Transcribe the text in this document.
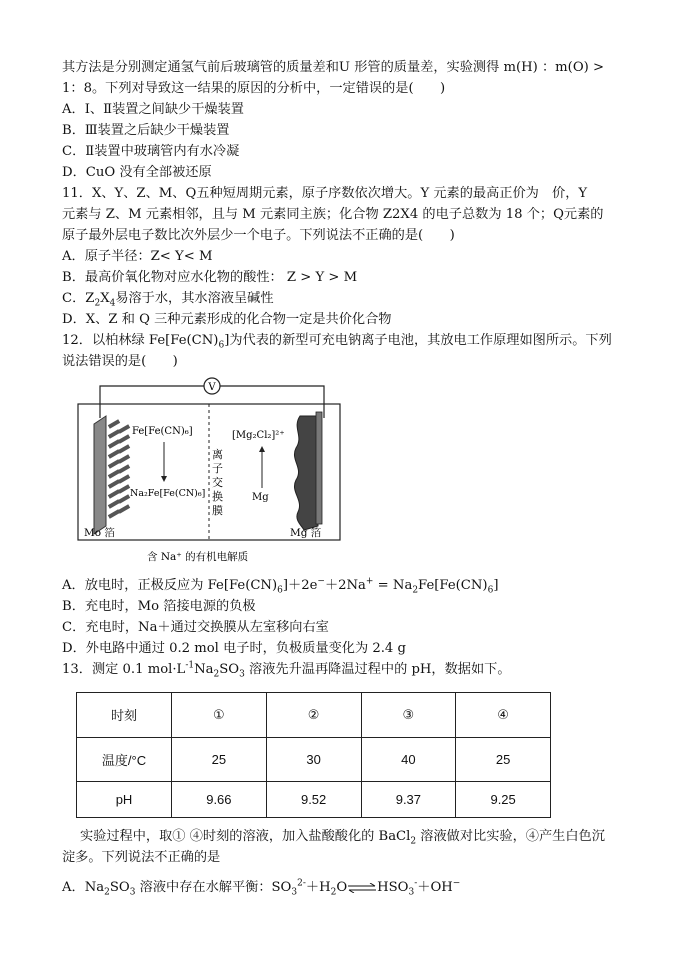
其方法是分别测定通氢气前后玻璃管的质量差和U 形管的质量差，实验测得 m(H) ：m(O) >
1：8。下列对导致这一结果的原因的分析中，一定错误的是(　　)
A．Ⅰ、Ⅱ装置之间缺少干燥装置
B．Ⅲ装置之后缺少干燥装置
C．Ⅱ装置中玻璃管内有水冷凝
D．CuO 没有全部被还原
11．X、Y、Z、M、Q五种短周期元素，原子序数依次增大。Y 元素的最高正价为　价，Y
元素与 Z、M 元素相邻，且与 M 元素同主族；化合物 Z2X4 的电子总数为 18 个；Q元素的
原子最外层电子数比次外层少一个电子。下列说法不正确的是(　　)
A．原子半径：Z< Y< M
B．最高价氧化物对应水化物的酸性： Z > Y > M
C．$Z_2X_4$易溶于水，其水溶液呈碱性
D．X、Z 和 Q 三种元素形成的化合物一定是共价化合物
12．以柏林绿 $Fe[Fe(CN)_6]$为代表的新型可充电钠离子电池，其放电工作原理如图所示。下列
说法错误的是(　　)
V
Fe[Fe(CN)₆]
Na₂Fe[Fe(CN)₆]
离
子
交
换
膜
[Mg₂Cl₂]²⁺
Mg
Mo 箔	Mg 箔
含 Na⁺ 的有机电解质
A．放电时，正极反应为 $Fe[Fe(CN)_6]+2e^-+2Na^+ = Na_2Fe[Fe(CN)_6]$
B．充电时，Mo 箔接电源的负极
C．充电时，Na＋通过交换膜从左室移向右室
D．外电路中通过 0.2 mol 电子时，负极质量变化为 2.4 g
13．测定 0.1 $mol\cdot L^{-1}Na_2SO_3$ 溶液先升温再降温过程中的 pH，数据如下。
时刻	①	②	③	④
温度/°C	25	30	40	25
pH	9.66	9.52	9.37	9.25
实验过程中，取① ④时刻的溶液，加入盐酸酸化的 BaCl$_2$ 溶液做对比实验，④产生白色沉
淀多。下列说法不正确的是
A．$Na_2SO_3$ 溶液中存在水解平衡：$SO_3^{2-}+H_2O\rightleftharpoons HSO_3^-+OH^-$
